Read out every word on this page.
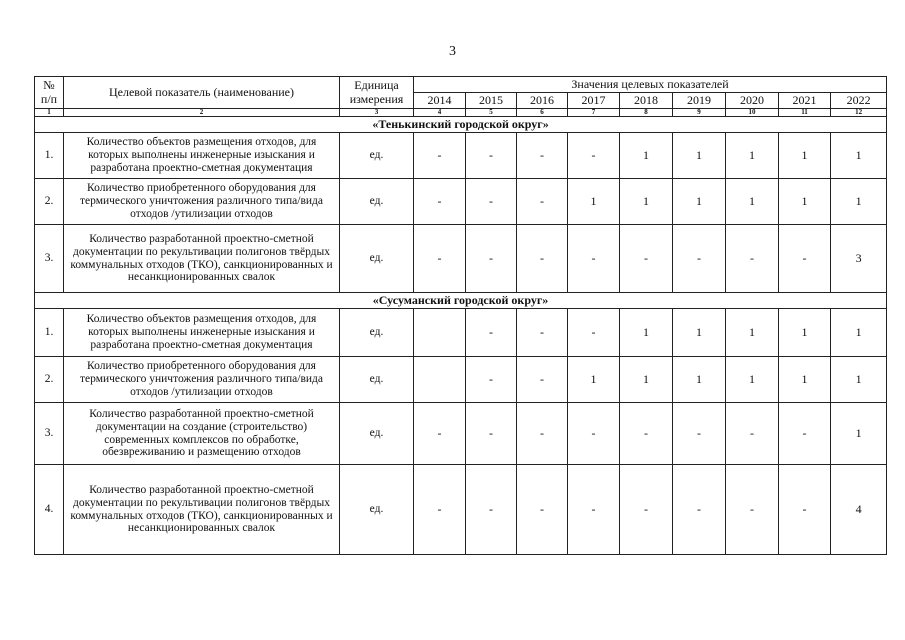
3
№ п/п	Целевой показатель (наименование)	Единица измерения	Значения целевых показателей								
			2014	2015	2016	2017	2018	2019	2020	2021	2022
1	2	3	4	5	6	7	8	9	10	11	12
«Тенькинский городской округ»											
1.	Количество объектов размещения отходов, для которых выполнены инженерные изыскания и разработана проектно-сметная документация	ед.	-	-	-	-	1	1	1	1	1
2.	Количество приобретенного оборудования для термического уничтожения различного типа/вида отходов /утилизации отходов	ед.	-	-	-	1	1	1	1	1	1
3.	Количество разработанной проектно-сметной документации по рекультивации полигонов твёрдых коммунальных отходов (ТКО), санкционированных и несанкционированных свалок	ед.	-	-	-	-	-	-	-	-	3
«Сусуманский городской округ»											
1.	Количество объектов размещения отходов, для которых выполнены инженерные изыскания и разработана проектно-сметная документация	ед.		-	-	-	1	1	1	1	1
2.	Количество приобретенного оборудования для термического уничтожения различного типа/вида отходов /утилизации отходов	ед.		-	-	1	1	1	1	1	1
3.	Количество разработанной проектно-сметной документации на создание (строительство) современных комплексов по обработке, обезвреживанию и размещению отходов	ед.	-	-	-	-	-	-	-	-	1
4.	Количество разработанной проектно-сметной документации по рекультивации полигонов твёрдых коммунальных отходов (ТКО), санкционированных и несанкционированных свалок	ед.	-	-	-	-	-	-	-	-	4
